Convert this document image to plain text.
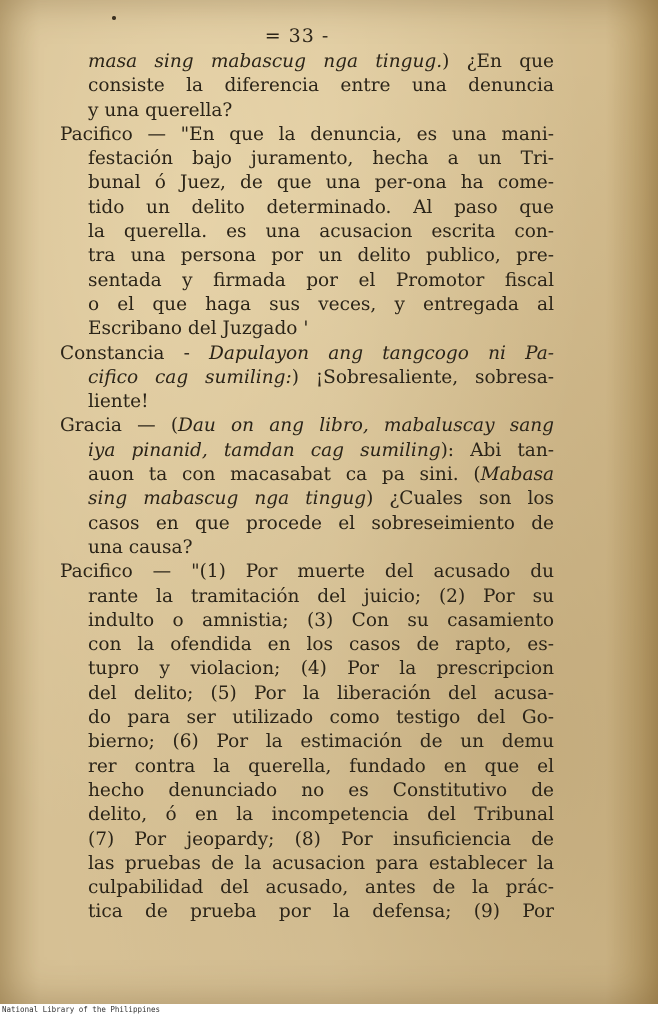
= 33 -
masa sing mabascug nga tingug.) ¿En que
consiste la diferencia entre una denuncia
y una querella?
Pacifico — "En que la denuncia, es una mani-
festación bajo juramento, hecha a un Tri-
bunal ó Juez, de que una per-ona ha come-
tido un delito determinado. Al paso que
la querella. es una acusacion escrita con-
tra una persona por un delito publico, pre-
sentada y firmada por el Promotor fiscal
o el que haga sus veces, y entregada al
Escribano del Juzgado '
Constancia - Dapulayon ang tangcogo ni Pa-
cifico cag sumiling:) ¡Sobresaliente, sobresa-
liente!
Gracia — (Dau on ang libro, mabaluscay sang
iya pinanid, tamdan cag sumiling): Abi tan-
auon ta con macasabat ca pa sini. (Mabasa
sing mabascug nga tingug) ¿Cuales son los
casos en que procede el sobreseimiento de
una causa?
Pacifico — "(1) Por muerte del acusado du
rante la tramitación del juicio; (2) Por su
indulto o amnistia; (3) Con su casamiento
con la ofendida en los casos de rapto, es-
tupro y violacion; (4) Por la prescripcion
del delito; (5) Por la liberación del acusa-
do para ser utilizado como testigo del Go-
bierno; (6) Por la estimación de un demu
rer contra la querella, fundado en que el
hecho denunciado no es Constitutivo de
delito, ó en la incompetencia del Tribunal
(7) Por jeopardy; (8) Por insuficiencia de
las pruebas de la acusacion para establecer la
culpabilidad del acusado, antes de la prác-
tica de prueba por la defensa; (9) Por
National Library of the Philippines
